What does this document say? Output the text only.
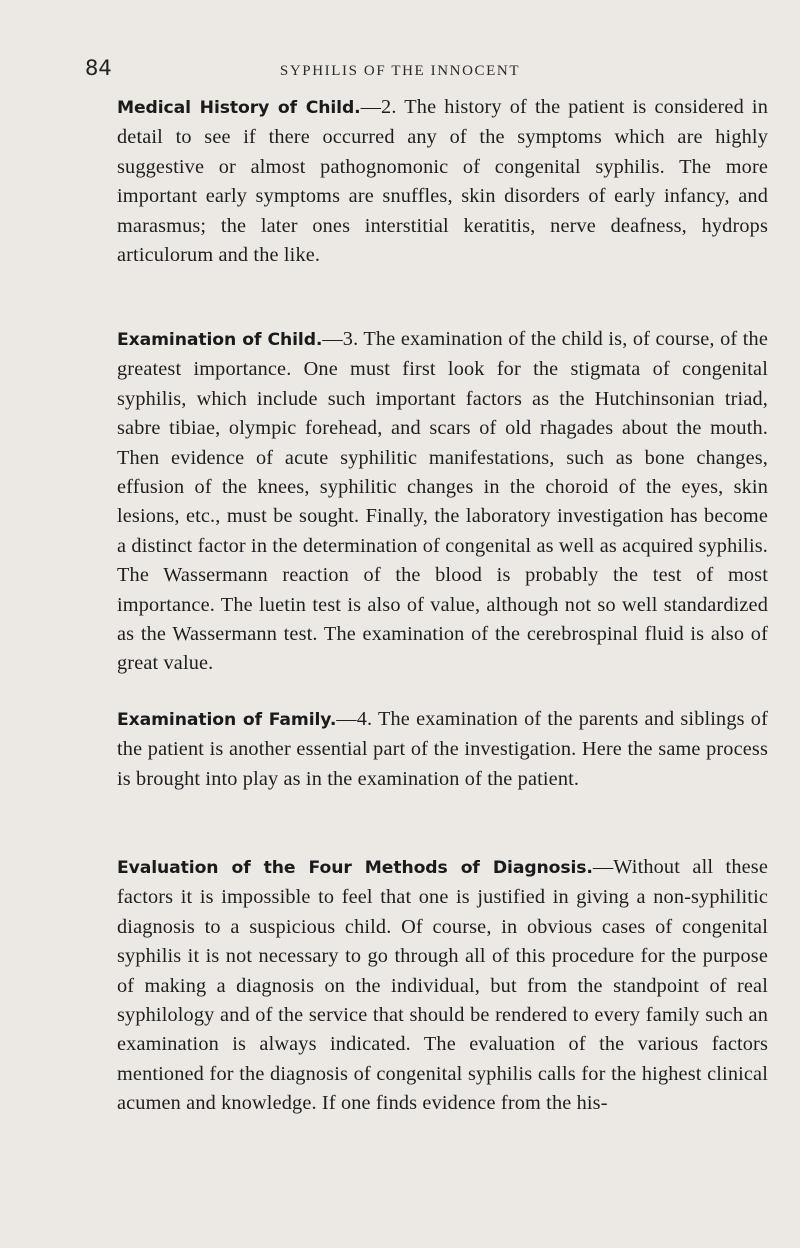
84	SYPHILIS OF THE INNOCENT

Medical History of Child.—2. The history of the patient is considered in detail to see if there occurred any of the symptoms which are highly suggestive or almost pathognomonic of congenital syphilis. The more important early symptoms are snuffles, skin disorders of early infancy, and marasmus; the later ones interstitial keratitis, nerve deafness, hydrops articulorum and the like.

Examination of Child.—3. The examination of the child is, of course, of the greatest importance. One must first look for the stigmata of congenital syphilis, which include such important factors as the Hutchinsonian triad, sabre tibiae, olympic forehead, and scars of old rhagades about the mouth. Then evidence of acute syphilitic manifestations, such as bone changes, effusion of the knees, syphilitic changes in the choroid of the eyes, skin lesions, etc., must be sought. Finally, the laboratory investigation has become a distinct factor in the determination of congenital as well as acquired syphilis. The Wassermann reaction of the blood is probably the test of most importance. The luetin test is also of value, although not so well standardized as the Wassermann test. The examination of the cerebrospinal fluid is also of great value.

Examination of Family.—4. The examination of the parents and siblings of the patient is another essential part of the investigation. Here the same process is brought into play as in the examination of the patient.

Evaluation of the Four Methods of Diagnosis.—Without all these factors it is impossible to feel that one is justified in giving a non-syphilitic diagnosis to a suspicious child. Of course, in obvious cases of congenital syphilis it is not necessary to go through all of this procedure for the purpose of making a diagnosis on the individual, but from the standpoint of real syphilology and of the service that should be rendered to every family such an examination is always indicated. The evaluation of the various factors mentioned for the diagnosis of congenital syphilis calls for the highest clinical acumen and knowledge. If one finds evidence from the his-
